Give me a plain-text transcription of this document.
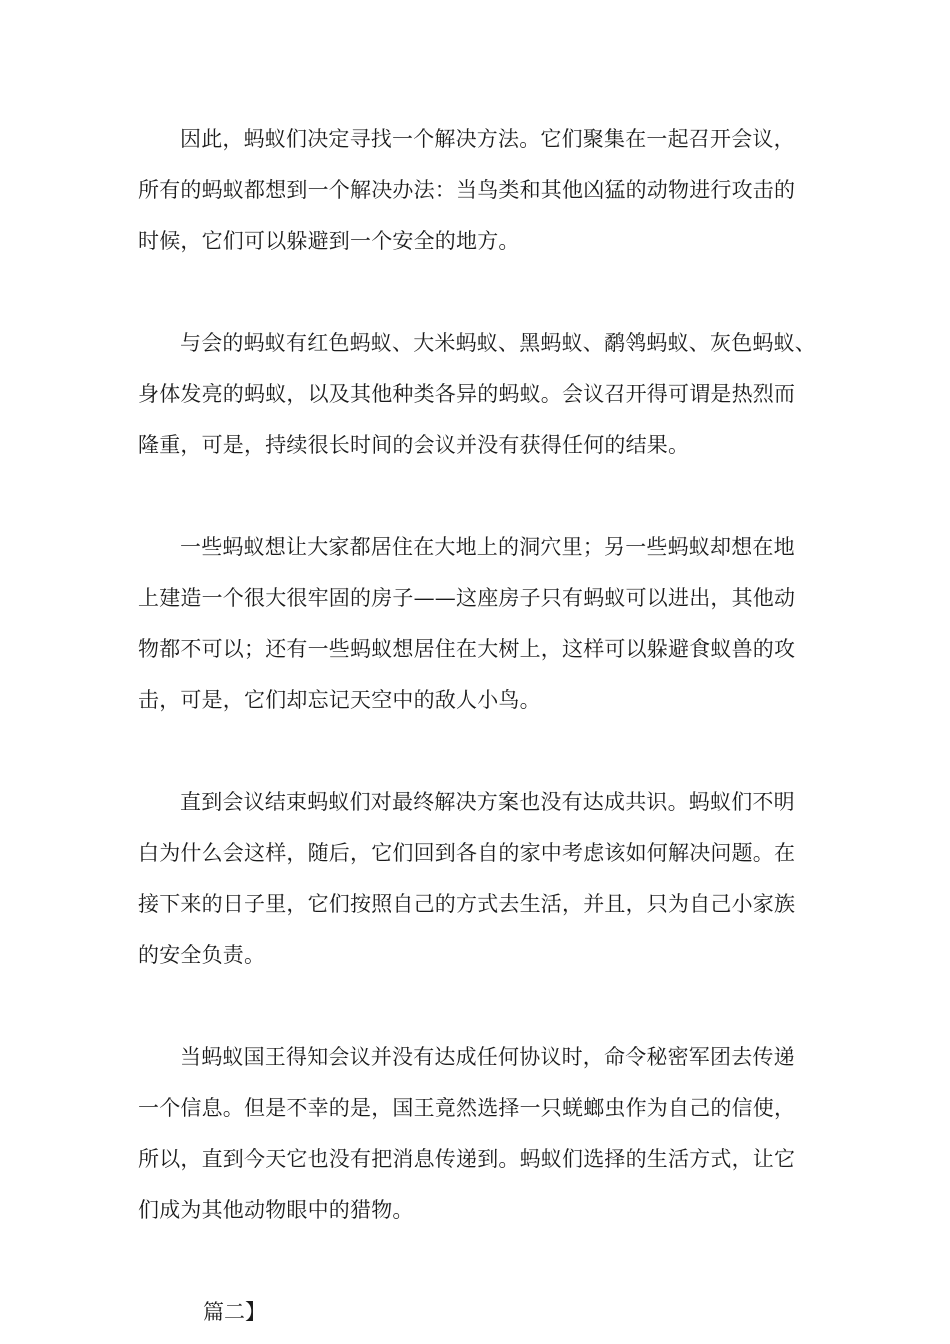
因此，蚂蚁们决定寻找一个解决方法。它们聚集在一起召开会议，
所有的蚂蚁都想到一个解决办法：当鸟类和其他凶猛的动物进行攻击的
时候，它们可以躲避到一个安全的地方。

与会的蚂蚁有红色蚂蚁、大米蚂蚁、黑蚂蚁、鹬鸰蚂蚁、灰色蚂蚁、
身体发亮的蚂蚁，以及其他种类各异的蚂蚁。会议召开得可谓是热烈而
隆重，可是，持续很长时间的会议并没有获得任何的结果。

一些蚂蚁想让大家都居住在大地上的洞穴里；另一些蚂蚁却想在地
上建造一个很大很牢固的房子——这座房子只有蚂蚁可以进出，其他动
物都不可以；还有一些蚂蚁想居住在大树上，这样可以躲避食蚁兽的攻
击，可是，它们却忘记天空中的敌人小鸟。

直到会议结束蚂蚁们对最终解决方案也没有达成共识。蚂蚁们不明
白为什么会这样，随后，它们回到各自的家中考虑该如何解决问题。在
接下来的日子里，它们按照自己的方式去生活，并且，只为自己小家族
的安全负责。

当蚂蚁国王得知会议并没有达成任何协议时，命令秘密军团去传递
一个信息。但是不幸的是，国王竟然选择一只蜣螂虫作为自己的信使，
所以，直到今天它也没有把消息传递到。蚂蚁们选择的生活方式，让它
们成为其他动物眼中的猎物。

篇二】
